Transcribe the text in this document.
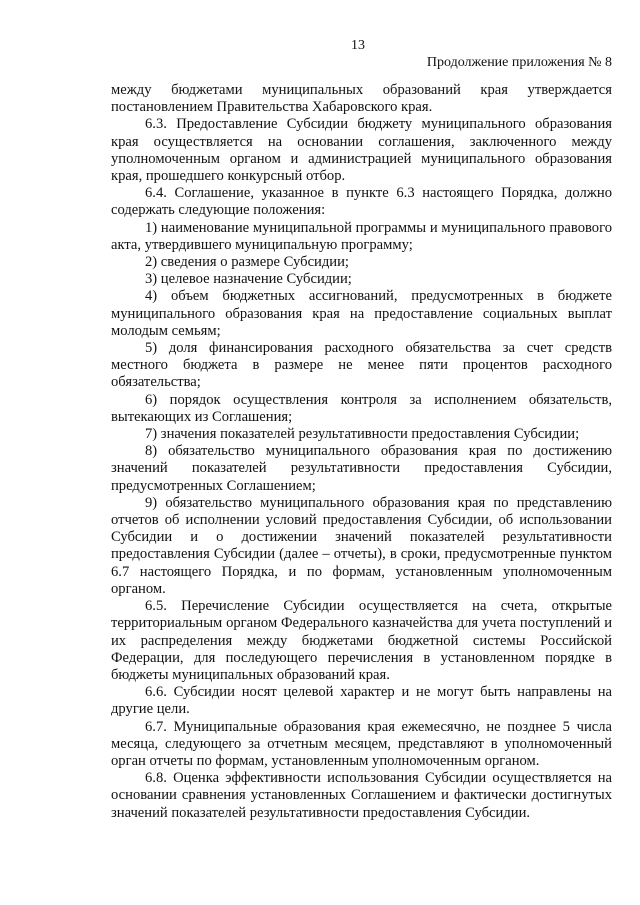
13
Продолжение приложения № 8

между бюджетами муниципальных образований края утверждается постановлением Правительства Хабаровского края.

6.3. Предоставление Субсидии бюджету муниципального образования края осуществляется на основании соглашения, заключенного между уполномоченным органом и администрацией муниципального образования края, прошедшего конкурсный отбор.

6.4. Соглашение, указанное в пункте 6.3 настоящего Порядка, должно содержать следующие положения:

1) наименование муниципальной программы и муниципального правового акта, утвердившего муниципальную программу;

2) сведения о размере Субсидии;

3) целевое назначение Субсидии;

4) объем бюджетных ассигнований, предусмотренных в бюджете муниципального образования края на предоставление социальных выплат молодым семьям;

5) доля финансирования расходного обязательства за счет средств местного бюджета в размере не менее пяти процентов расходного обязательства;

6) порядок осуществления контроля за исполнением обязательств, вытекающих из Соглашения;

7) значения показателей результативности предоставления Субсидии;

8) обязательство муниципального образования края по достижению значений показателей результативности предоставления Субсидии, предусмотренных Соглашением;

9) обязательство муниципального образования края по представлению отчетов об исполнении условий предоставления Субсидии, об использовании Субсидии и о достижении значений показателей результативности предоставления Субсидии (далее – отчеты), в сроки, предусмотренные пунктом 6.7 настоящего Порядка, и по формам, установленным уполномоченным органом.

6.5. Перечисление Субсидии осуществляется на счета, открытые территориальным органом Федерального казначейства для учета поступлений и их распределения между бюджетами бюджетной системы Российской Федерации, для последующего перечисления в установленном порядке в бюджеты муниципальных образований края.

6.6. Субсидии носят целевой характер и не могут быть направлены на другие цели.

6.7. Муниципальные образования края ежемесячно, не позднее 5 числа месяца, следующего за отчетным месяцем, представляют в уполномоченный орган отчеты по формам, установленным уполномоченным органом.

6.8. Оценка эффективности использования Субсидии осуществляется на основании сравнения установленных Соглашением и фактически достигнутых значений показателей результативности предоставления Субсидии.
